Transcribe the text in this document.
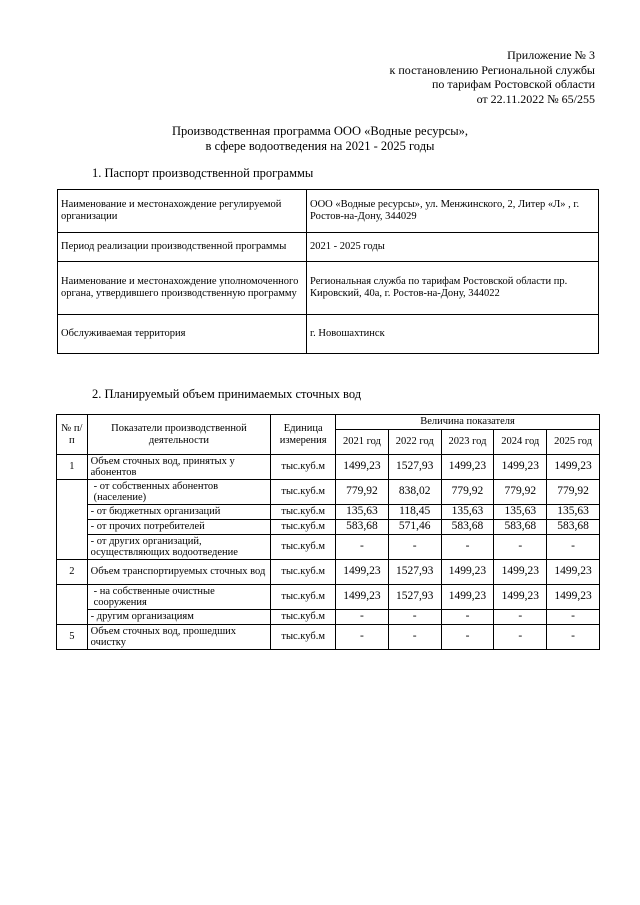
Приложение № 3
к постановлению Региональной службы
по тарифам Ростовской области
от 22.11.2022 № 65/255
Производственная программа ООО «Водные ресурсы»,
в сфере водоотведения на 2021 - 2025 годы
1. Паспорт производственной программы
Наименование и местонахождение регулируемой организации	ООО «Водные ресурсы», ул. Менжинского, 2, Литер «Л» , г. Ростов-на-Дону, 344029
Период реализации производственной программы	2021 - 2025 годы
Наименование и местонахождение уполномоченного органа, утвердившего производственную программу	Региональная служба по тарифам Ростовской области пр. Кировский, 40а, г. Ростов-на-Дону, 344022
Обслуживаемая территория	г. Новошахтинск
2. Планируемый объем принимаемых сточных вод
№ п/п	Показатели производственной деятельности	Единица измерения	Величина показателя				
			2021 год	2022 год	2023 год	2024 год	2025 год
1	Объем сточных вод, принятых у абонентов	тыс.куб.м	1499,23	1527,93	1499,23	1499,23	1499,23
	- от собственных абонентов (население)	тыс.куб.м	779,92	838,02	779,92	779,92	779,92
	- от бюджетных организаций	тыс.куб.м	135,63	118,45	135,63	135,63	135,63
	- от прочих потребителей	тыс.куб.м	583,68	571,46	583,68	583,68	583,68
	- от других организаций, осуществляющих водоотведение	тыс.куб.м	-	-	-	-	-
2	Объем транспортируемых сточных вод	тыс.куб.м	1499,23	1527,93	1499,23	1499,23	1499,23
	- на собственные очистные сооружения	тыс.куб.м	1499,23	1527,93	1499,23	1499,23	1499,23
	- другим организациям	тыс.куб.м	-	-	-	-	-
5	Объем сточных вод, прошедших очистку	тыс.куб.м	-	-	-	-	-
